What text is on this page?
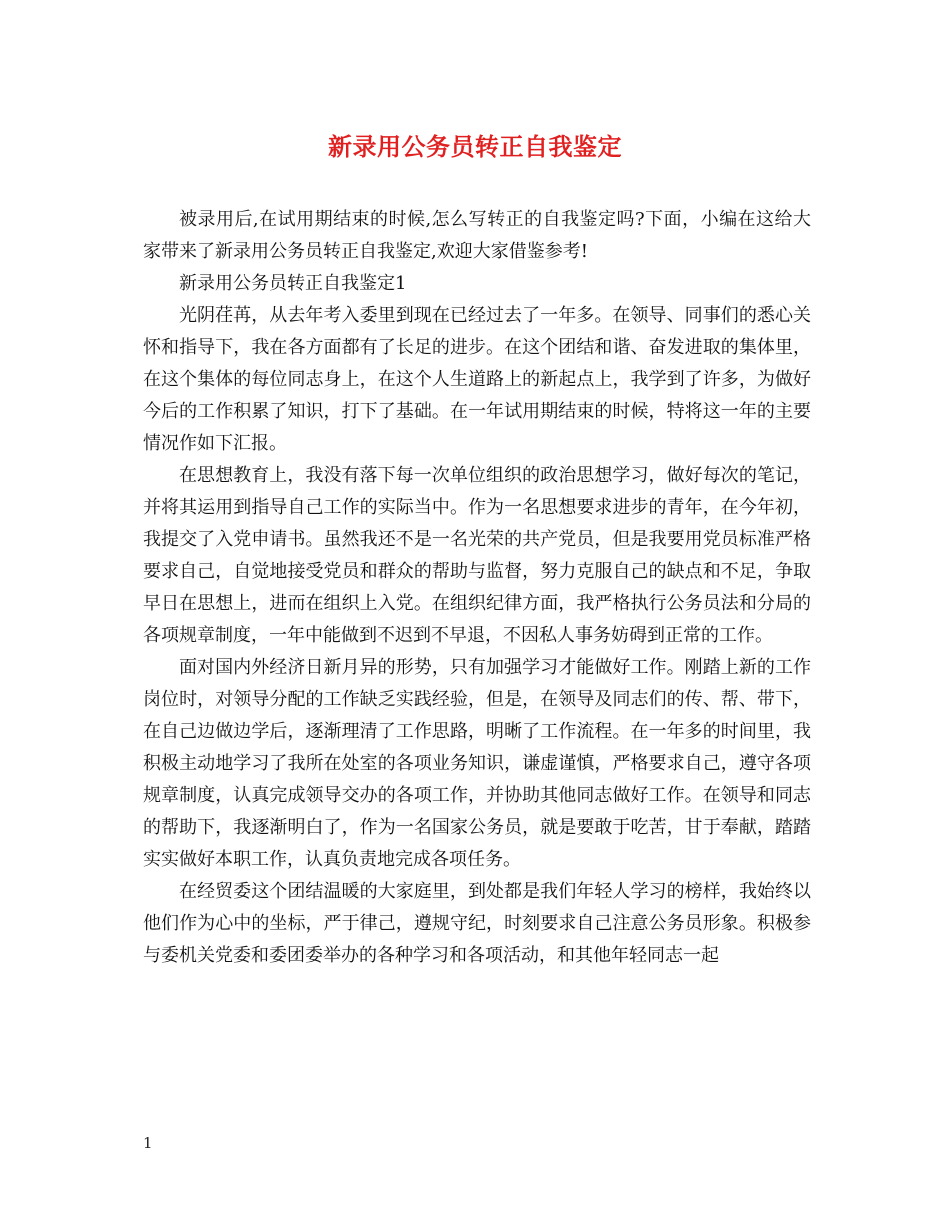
新录用公务员转正自我鉴定

被录用后,在试用期结束的时候,怎么写转正的自我鉴定吗?下面，小编在这给大家带来了新录用公务员转正自我鉴定,欢迎大家借鉴参考!

新录用公务员转正自我鉴定1

光阴荏苒，从去年考入委里到现在已经过去了一年多。在领导、同事们的悉心关怀和指导下，我在各方面都有了长足的进步。在这个团结和谐、奋发进取的集体里，在这个集体的每位同志身上，在这个人生道路上的新起点上，我学到了许多，为做好今后的工作积累了知识，打下了基础。在一年试用期结束的时候，特将这一年的主要情况作如下汇报。

在思想教育上，我没有落下每一次单位组织的政治思想学习，做好每次的笔记，并将其运用到指导自己工作的实际当中。作为一名思想要求进步的青年，在今年初，我提交了入党申请书。虽然我还不是一名光荣的共产党员，但是我要用党员标准严格要求自己，自觉地接受党员和群众的帮助与监督，努力克服自己的缺点和不足，争取早日在思想上，进而在组织上入党。在组织纪律方面，我严格执行公务员法和分局的各项规章制度，一年中能做到不迟到不早退，不因私人事务妨碍到正常的工作。

面对国内外经济日新月异的形势，只有加强学习才能做好工作。刚踏上新的工作岗位时，对领导分配的工作缺乏实践经验，但是，在领导及同志们的传、帮、带下，在自己边做边学后，逐渐理清了工作思路，明晰了工作流程。在一年多的时间里，我积极主动地学习了我所在处室的各项业务知识，谦虚谨慎，严格要求自己，遵守各项规章制度，认真完成领导交办的各项工作，并协助其他同志做好工作。在领导和同志的帮助下，我逐渐明白了，作为一名国家公务员，就是要敢于吃苦，甘于奉献，踏踏实实做好本职工作，认真负责地完成各项任务。

在经贸委这个团结温暖的大家庭里，到处都是我们年轻人学习的榜样，我始终以他们作为心中的坐标，严于律己，遵规守纪，时刻要求自己注意公务员形象。积极参与委机关党委和委团委举办的各种学习和各项活动，和其他年轻同志一起

1
